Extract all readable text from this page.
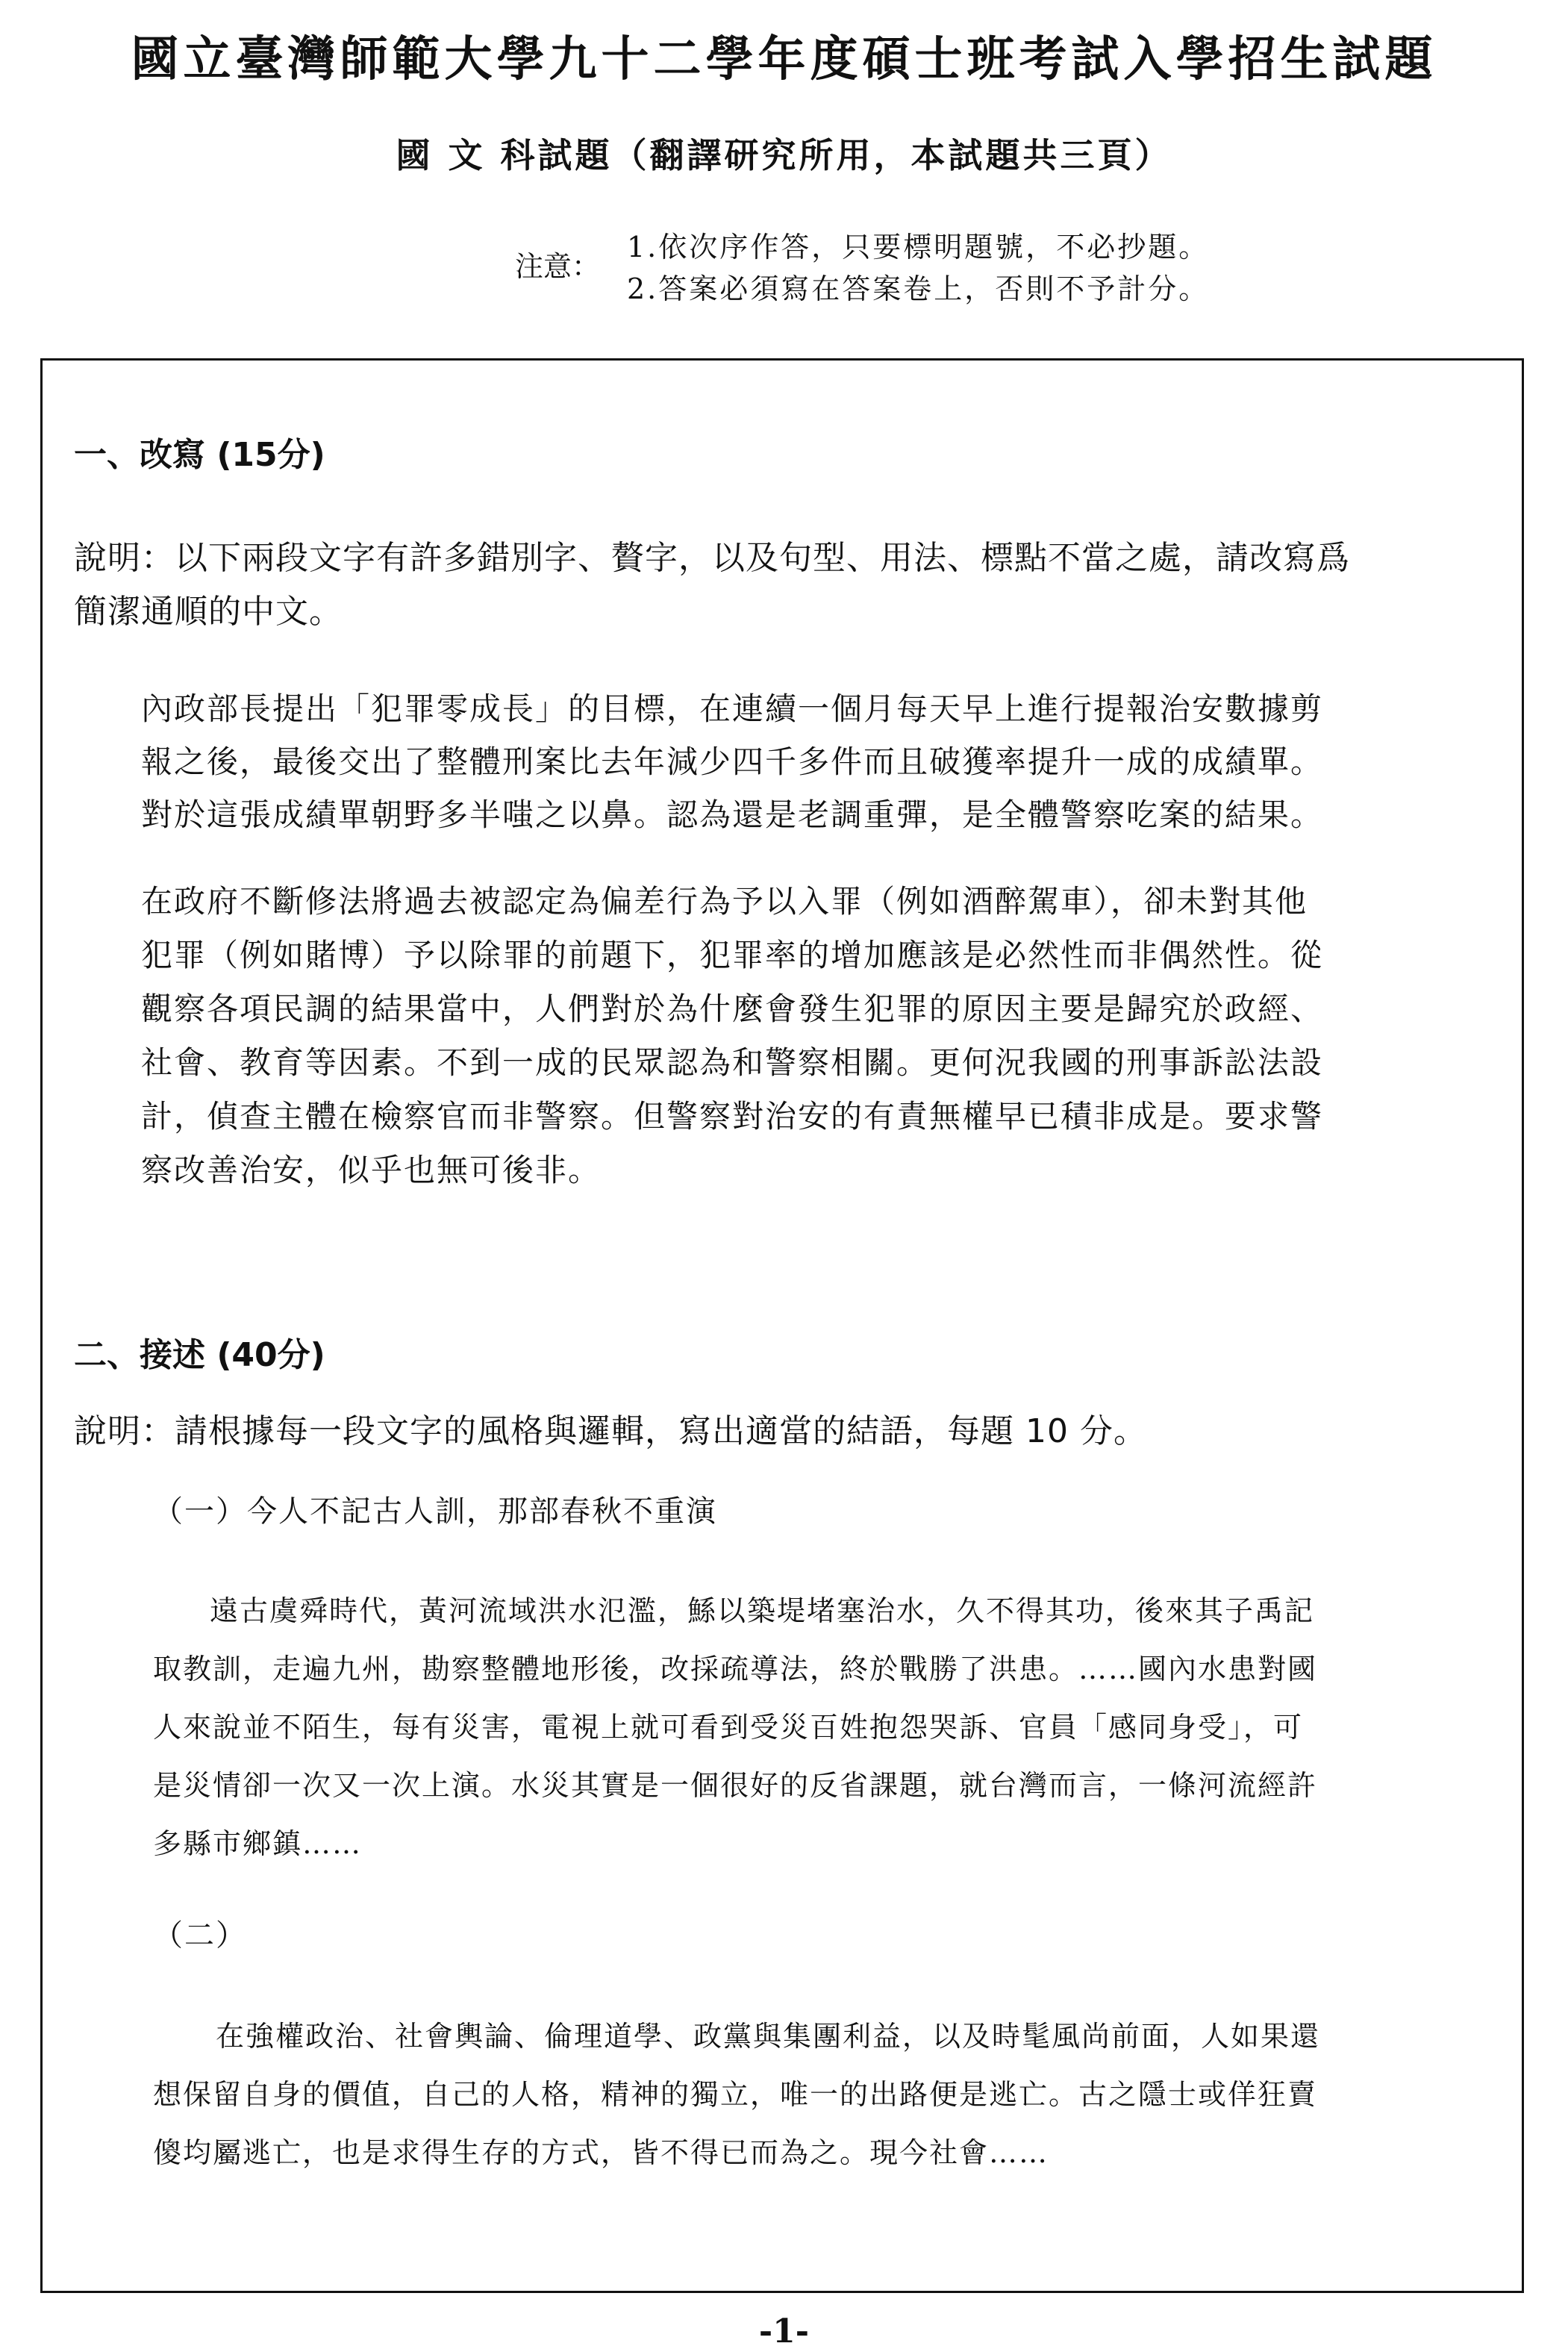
國立臺灣師範大學九十二學年度碩士班考試入學招生試題
國 文 科試題（翻譯研究所用，本試題共三頁）
注意：
1.依次序作答，只要標明題號，不必抄題。
2.答案必須寫在答案卷上，否則不予計分。
一、改寫 (15分)
說明：以下兩段文字有許多錯別字、贅字，以及句型、用法、標點不當之處，請改寫爲
簡潔通順的中文。
內政部長提出「犯罪零成長」的目標，在連續一個月每天早上進行提報治安數據剪
報之後，最後交出了整體刑案比去年減少四千多件而且破獲率提升一成的成績單。
對於這張成績單朝野多半嗤之以鼻。認為還是老調重彈，是全體警察吃案的結果。
在政府不斷修法將過去被認定為偏差行為予以入罪（例如酒醉駕車），卻未對其他
犯罪（例如賭博）予以除罪的前題下，犯罪率的增加應該是必然性而非偶然性。從
觀察各項民調的結果當中，人們對於為什麼會發生犯罪的原因主要是歸究於政經、
社會、教育等因素。不到一成的民眾認為和警察相關。更何況我國的刑事訴訟法設
計，偵查主體在檢察官而非警察。但警察對治安的有責無權早已積非成是。要求警
察改善治安，似乎也無可後非。
二、接述 (40分)
說明：請根據每一段文字的風格與邏輯，寫出適當的結語，每題 10 分。
（一）今人不記古人訓，那部春秋不重演
遠古虞舜時代，黃河流域洪水氾濫，鯀以築堤堵塞治水，久不得其功，後來其子禹記
取教訓，走遍九州，勘察整體地形後，改採疏導法，終於戰勝了洪患。……國內水患對國
人來說並不陌生，每有災害，電視上就可看到受災百姓抱怨哭訴、官員「感同身受」，可
是災情卻一次又一次上演。水災其實是一個很好的反省課題，就台灣而言，一條河流經許
多縣市鄉鎮……
（二）
在強權政治、社會輿論、倫理道學、政黨與集團利益，以及時髦風尚前面，人如果還
想保留自身的價值，自己的人格，精神的獨立，唯一的出路便是逃亡。古之隱士或佯狂賣
傻均屬逃亡，也是求得生存的方式，皆不得已而為之。現今社會……
-1-
